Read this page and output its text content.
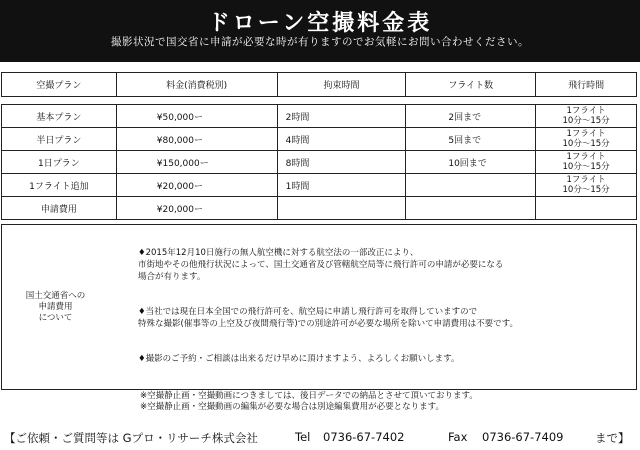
ドローン空撮料金表
撮影状況で国交省に申請が必要な時が有りますのでお気軽にお問い合わせください。
空撮プラン	料金(消費税別)	拘束時間	フライト数	飛行時間

基本プラン	¥50,000ー	2時間	2回まで	1フライト
10分～15分

半日プラン	¥80,000ー	4時間	5回まで	1フライト
10分～15分

1日プラン	¥150,000ー	8時間	10回まで	1フライト
10分～15分

1フライト追加	¥20,000ー	1時間		1フライト
10分～15分

申請費用	¥20,000ー			
国土交通省への
申請費用
について

♦2015年12月10日施行の無人航空機に対する航空法の一部改正により、
市街地やその他飛行状況によって、国土交通省及び管轄航空局等に飛行許可の申請が必要になる
場合が有ります。

♦当社では現在日本全国での飛行許可を、航空局に申請し飛行許可を取得していますので
特殊な撮影(催事等の上空及び夜間飛行等)での別途許可が必要な場所を除いて申請費用は不要です。

♦撮影のご予約・ご相談は出来るだけ早めに頂けますよう、よろしくお願いします。

※空撮静止画・空撮動画につきましては、後日データでの納品とさせて頂いております。
※空撮静止画・空撮動画の編集が必要な場合は別途編集費用が必要となります。
【ご依頼・ご質問等は Gプロ・リサーチ株式会社	Tel 0736-67-7402	Fax 0736-67-7409	まで】
